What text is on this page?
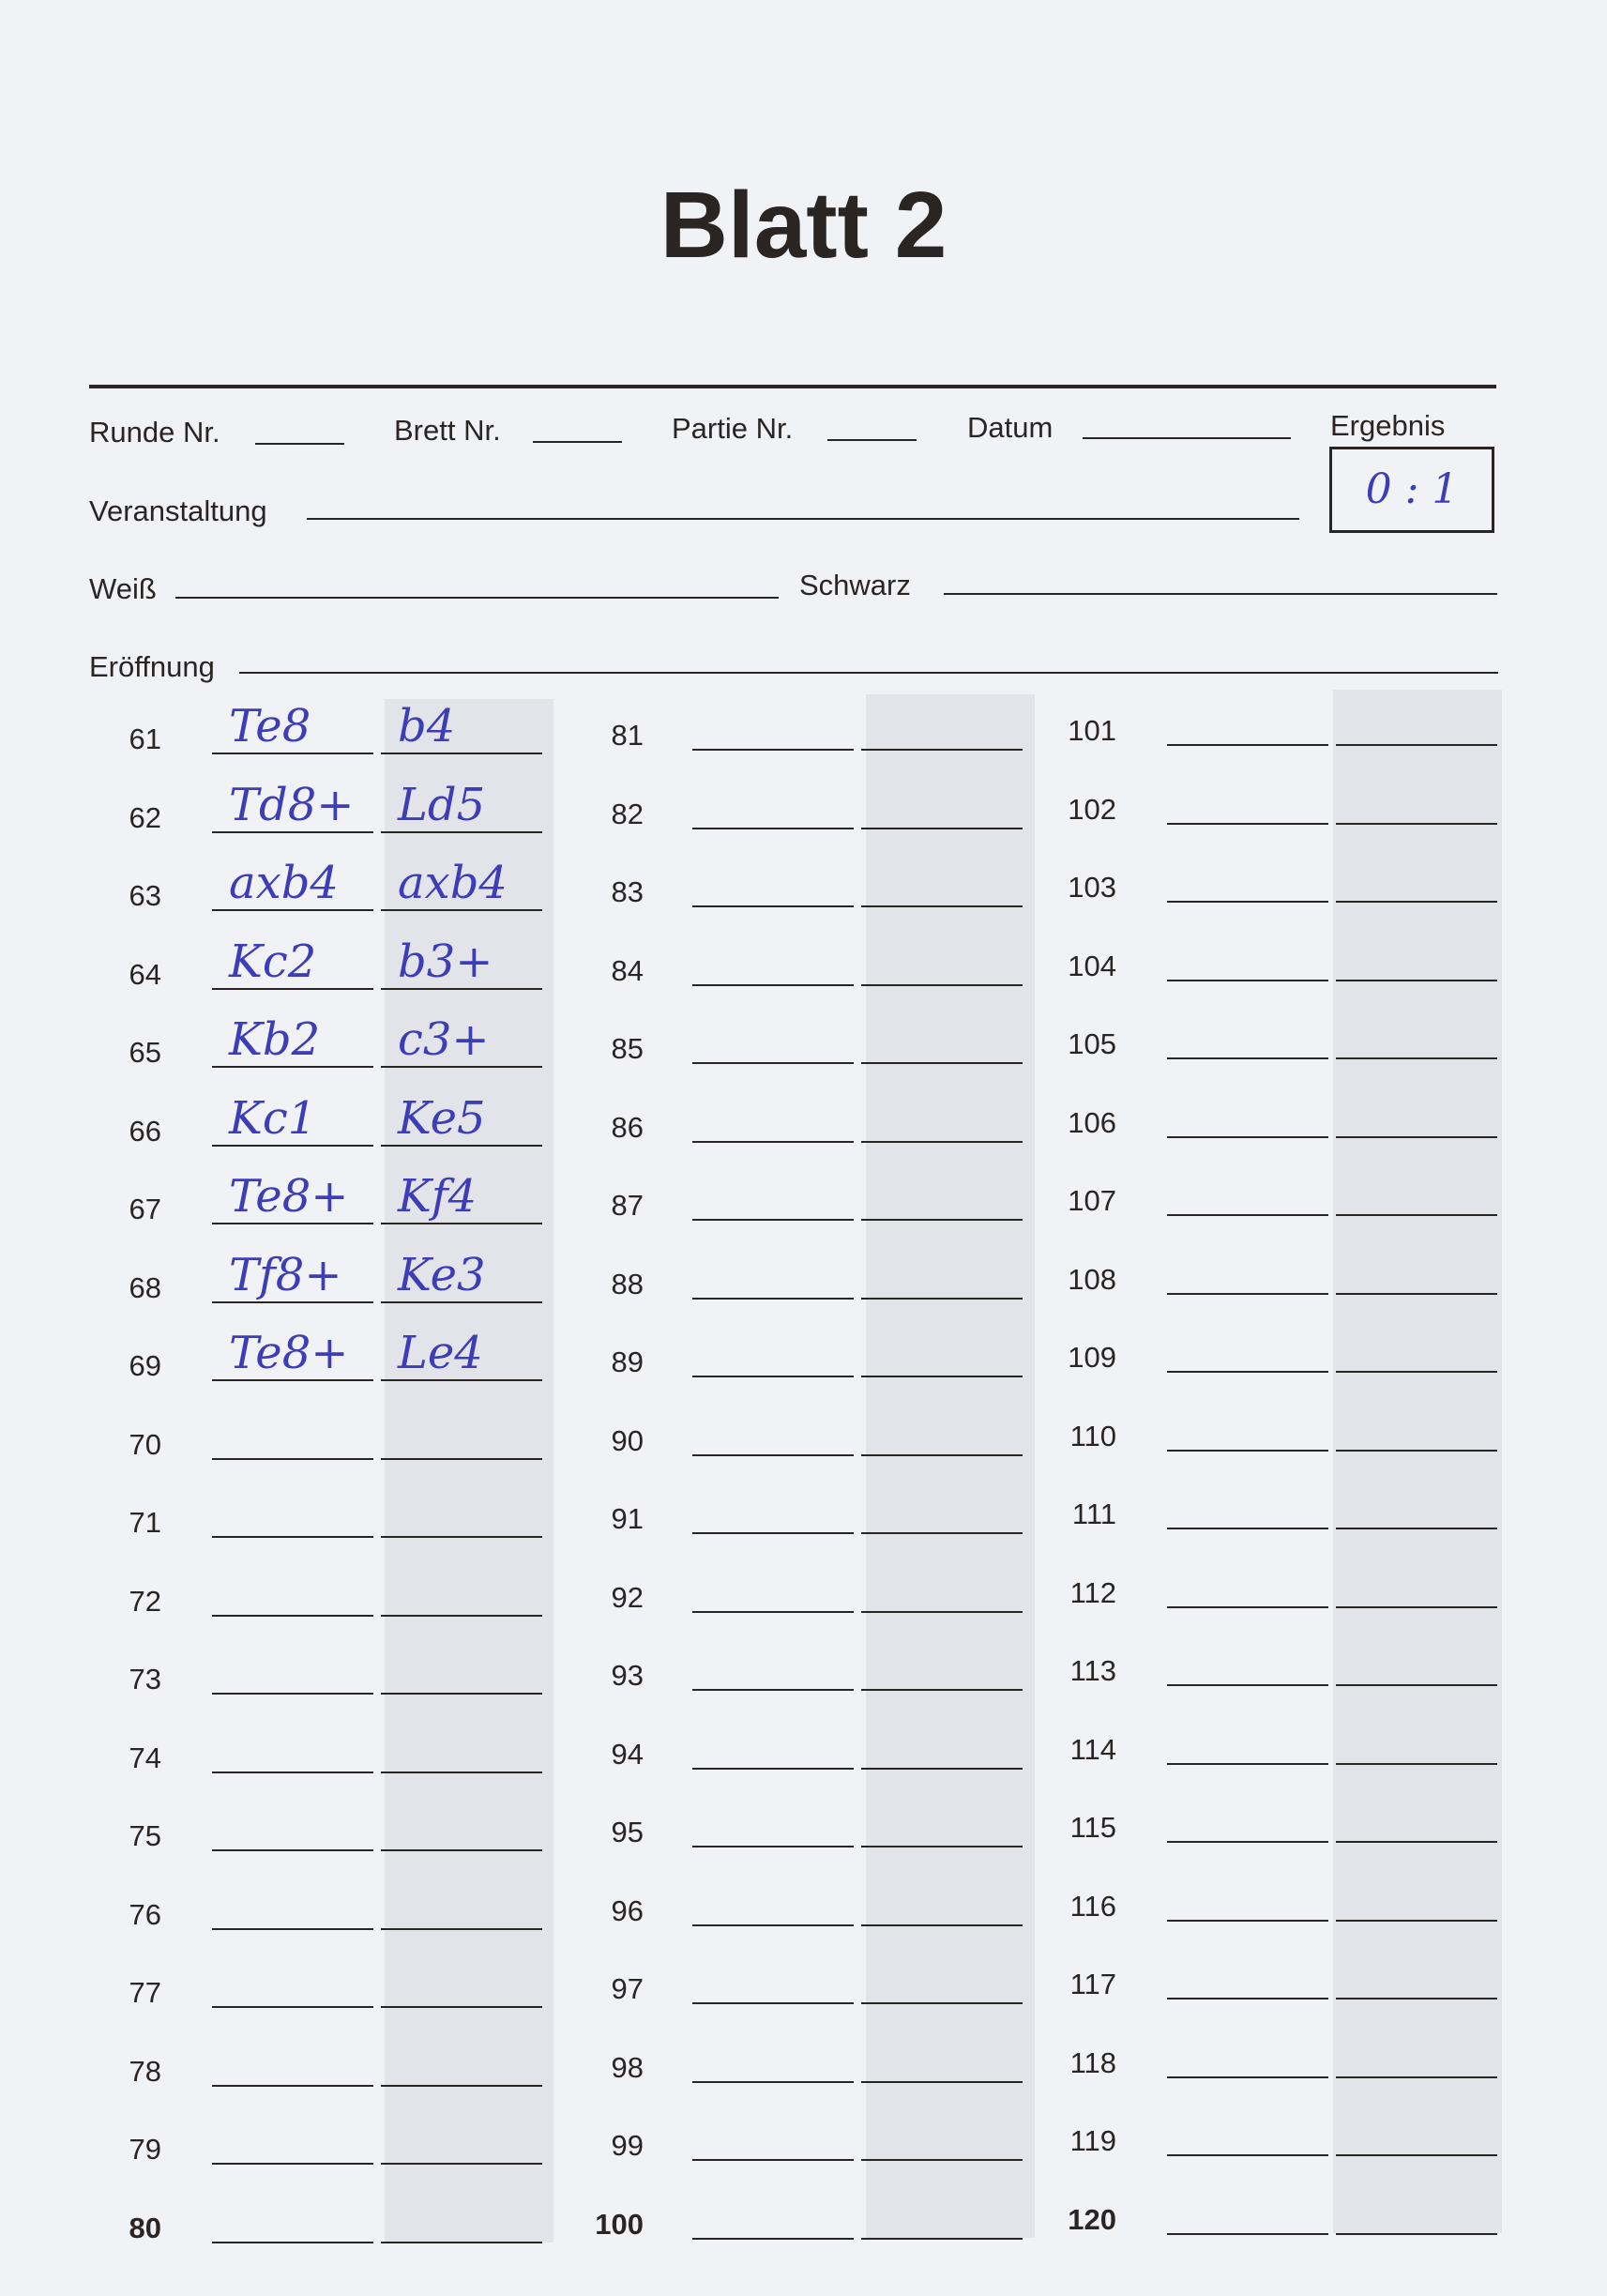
Blatt 2
Runde Nr.	Brett Nr.	Partie Nr.	Datum	Ergebnis
0 : 1
Veranstaltung
Weiß	Schwarz
Eröffnung
61 Te8 b4
62 Td8+ Ld5
63 axb4 axb4
64 Kc2 b3+
65 Kb2 c3+
66 Kc1 Ke5
67 Te8+ Kf4
68 Tf8+ Ke3
69 Te8+ Le4
70
71
72
73
74
75
76
77
78
79
80
81
82
83
84
85
86
87
88
89
90
91
92
93
94
95
96
97
98
99
100
101
102
103
104
105
106
107
108
109
110
111
112
113
114
115
116
117
118
119
120
